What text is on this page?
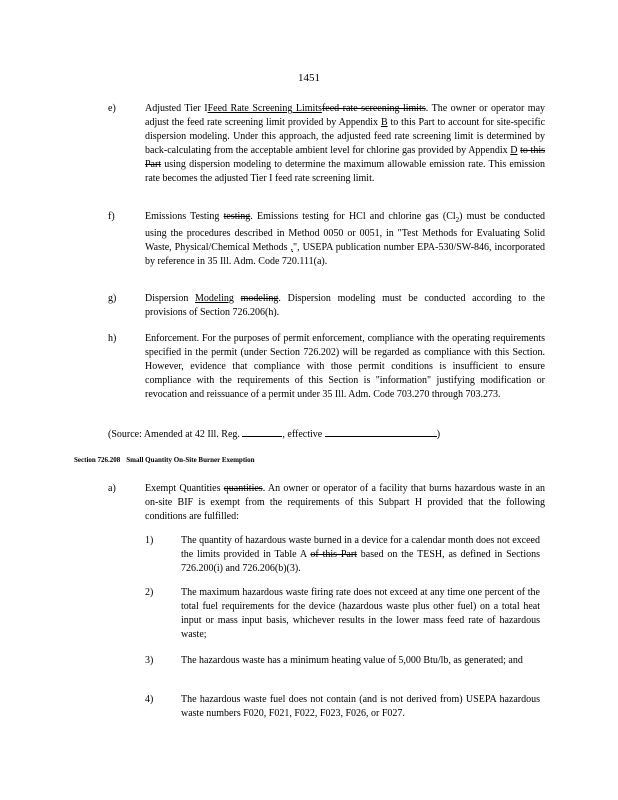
1451
e)	Adjusted Tier IFeed Rate Screening Limitsfeed rate screening limits. The owner or operator may adjust the feed rate screening limit provided by Appendix B to this Part to account for site-specific dispersion modeling. Under this approach, the adjusted feed rate screening limit is determined by back-calculating from the acceptable ambient level for chlorine gas provided by Appendix D to this Part using dispersion modeling to determine the maximum allowable emission rate. This emission rate becomes the adjusted Tier I feed rate screening limit.
f)	Emissions Testing testing. Emissions testing for HCl and chlorine gas $(Cl_2)$ must be conducted using the procedures described in Method 0050 or 0051, in "Test Methods for Evaluating Solid Waste, Physical/Chemical Methods ,", USEPA publication number EPA-530/SW-846, incorporated by reference in 35 Ill. Adm. Code 720.111(a).
g)	Dispersion Modeling modeling. Dispersion modeling must be conducted according to the provisions of Section 726.206(h).
h)	Enforcement. For the purposes of permit enforcement, compliance with the operating requirements specified in the permit (under Section 726.202) will be regarded as compliance with this Section. However, evidence that compliance with those permit conditions is insufficient to ensure compliance with the requirements of this Section is "information" justifying modification or revocation and reissuance of a permit under 35 Ill. Adm. Code 703.270 through 703.273.
(Source: Amended at 42 Ill. Reg.	, effective	)
Section 726.208 Small Quantity On-Site Burner Exemption
a)	Exempt Quantities quantities. An owner or operator of a facility that burns hazardous waste in an on-site BIF is exempt from the requirements of this Subpart H provided that the following conditions are fulfilled:
1)	The quantity of hazardous waste burned in a device for a calendar month does not exceed the limits provided in Table A of this Part based on the TESH, as defined in Sections 726.200(i) and 726.206(b)(3).
2)	The maximum hazardous waste firing rate does not exceed at any time one percent of the total fuel requirements for the device (hazardous waste plus other fuel) on a total heat input or mass input basis, whichever results in the lower mass feed rate of hazardous waste;
3)	The hazardous waste has a minimum heating value of 5,000 Btu/lb, as generated; and
4)	The hazardous waste fuel does not contain (and is not derived from) USEPA hazardous waste numbers F020, F021, F022, F023, F026, or F027.
